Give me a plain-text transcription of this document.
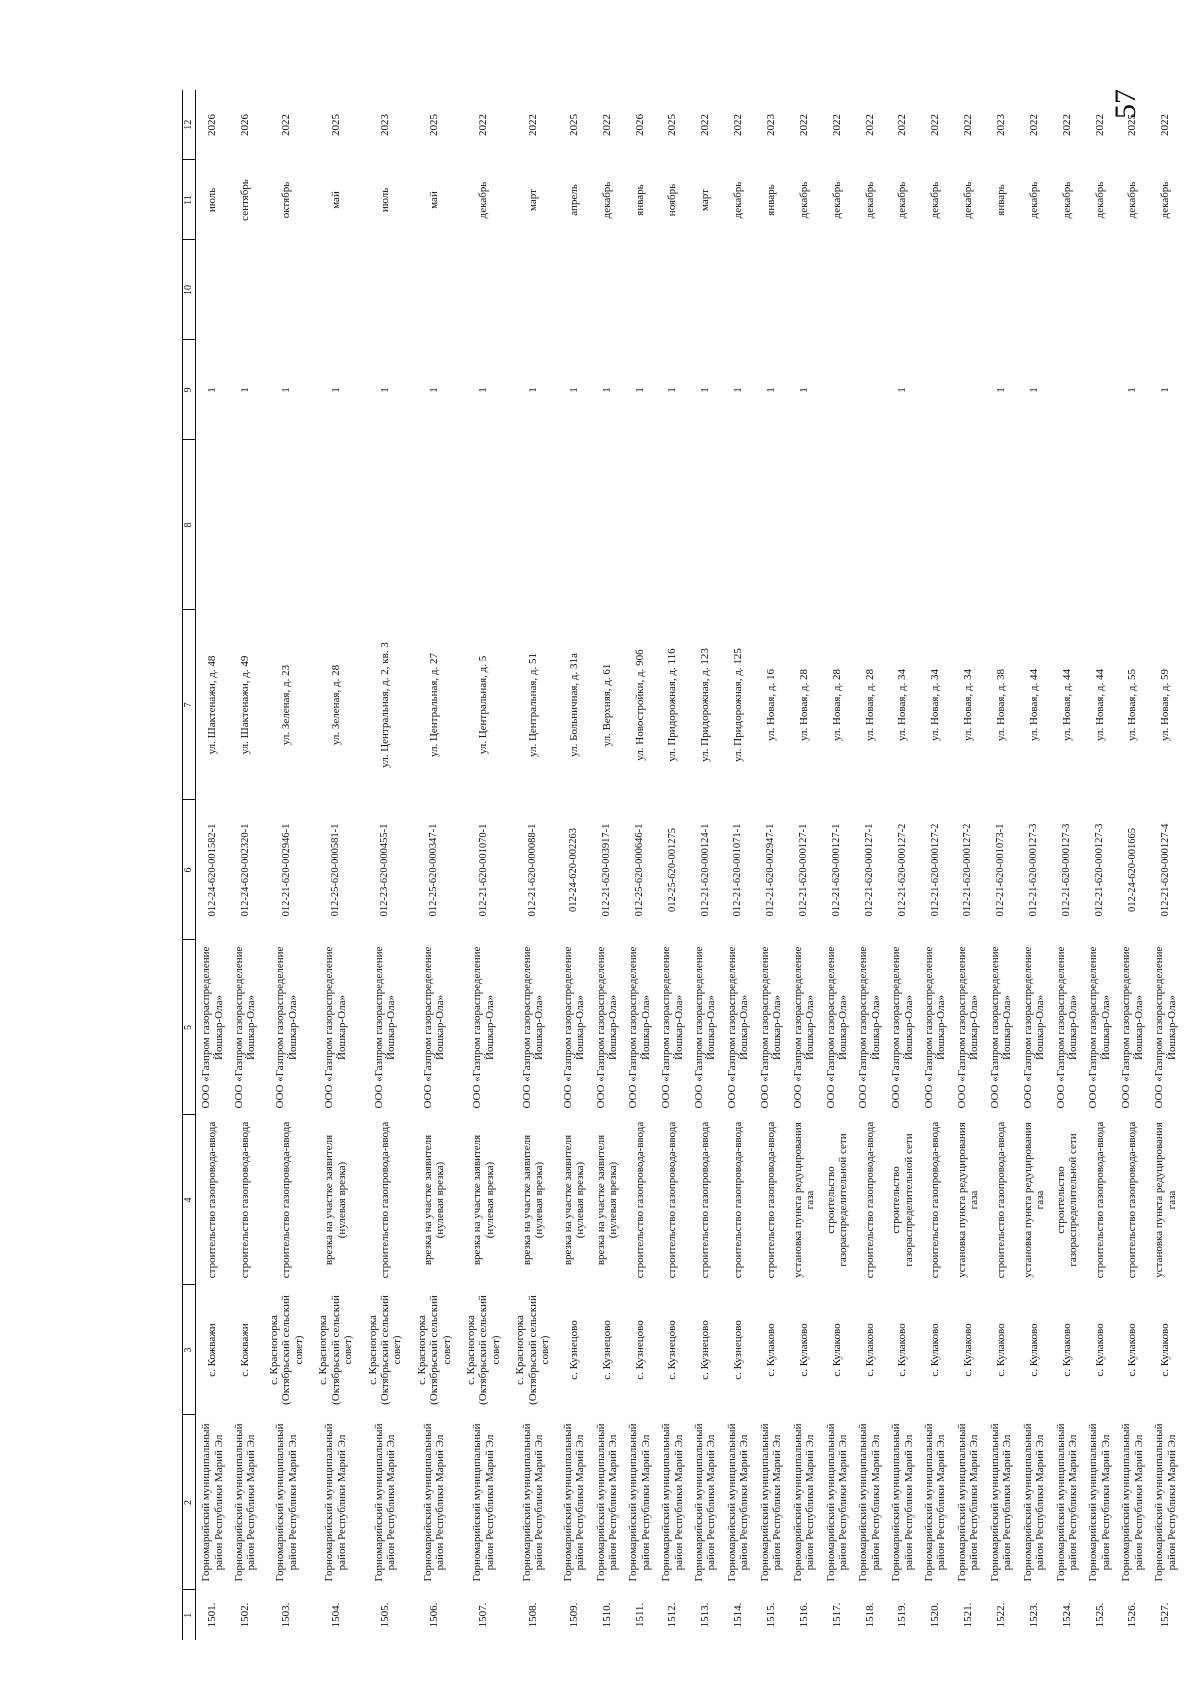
57
1	2	3	4	5	6	7	8	9	10	11	12
1501.	Горномарийский муниципальный район Республики Марий Эл	с. Кожважи	строительство газопровода-ввода	ООО «Газпром газораспределение Йошкар-Ола»	012-24-620-001582-1	ул. Шактенажи, д. 48		1		июль	2026
1502.	Горномарийский муниципальный район Республики Марий Эл	с. Кожважи	строительство газопровода-ввода	ООО «Газпром газораспределение Йошкар-Ола»	012-24-620-002320-1	ул. Шактенажи, д. 49		1		сентябрь	2026
1503.	Горномарийский муниципальный район Республики Марий Эл	с. Красногорка (Октябрьский сельский совет)	строительство газопровода-ввода	ООО «Газпром газораспределение Йошкар-Ола»	012-21-620-002946-1	ул. Зеленая, д. 23		1		октябрь	2022
1504.	Горномарийский муниципальный район Республики Марий Эл	с. Красногорка (Октябрьский сельский совет)	врезка на участке заявителя (нулевая врезка)	ООО «Газпром газораспределение Йошкар-Ола»	012-25-620-000581-1	ул. Зеленая, д. 28		1		май	2025
1505.	Горномарийский муниципальный район Республики Марий Эл	с. Красногорка (Октябрьский сельский совет)	строительство газопровода-ввода	ООО «Газпром газораспределение Йошкар-Ола»	012-23-620-000455-1	ул. Центральная, д. 2, кв. 3		1		июль	2023
1506.	Горномарийский муниципальный район Республики Марий Эл	с. Красногорка (Октябрьский сельский совет)	врезка на участке заявителя (нулевая врезка)	ООО «Газпром газораспределение Йошкар-Ола»	012-25-620-000347-1	ул. Центральная, д. 27		1		май	2025
1507.	Горномарийский муниципальный район Республики Марий Эл	с. Красногорка (Октябрьский сельский совет)	врезка на участке заявителя (нулевая врезка)	ООО «Газпром газораспределение Йошкар-Ола»	012-21-620-001070-1	ул. Центральная, д. 5		1		декабрь	2022
1508.	Горномарийский муниципальный район Республики Марий Эл	с. Красногорка (Октябрьский сельский совет)	врезка на участке заявителя (нулевая врезка)	ООО «Газпром газораспределение Йошкар-Ола»	012-21-620-000088-1	ул. Центральная, д. 51		1		март	2022
1509.	Горномарийский муниципальный район Республики Марий Эл	с. Кузнецово	врезка на участке заявителя (нулевая врезка)	ООО «Газпром газораспределение Йошкар-Ола»	012-24-620-002263	ул. Больничная, д. 31а		1		апрель	2025
1510.	Горномарийский муниципальный район Республики Марий Эл	с. Кузнецово	врезка на участке заявителя (нулевая врезка)	ООО «Газпром газораспределение Йошкар-Ола»	012-21-620-003917-1	ул. Верхняя, д. 61		1		декабрь	2022
1511.	Горномарийский муниципальный район Республики Марий Эл	с. Кузнецово	строительство газопровода-ввода	ООО «Газпром газораспределение Йошкар-Ола»	012-25-620-000646-1	ул. Новостройки, д. 90б		1		январь	2026
1512.	Горномарийский муниципальный район Республики Марий Эл	с. Кузнецово	строительство газопровода-ввода	ООО «Газпром газораспределение Йошкар-Ола»	012-25-620-001275	ул. Придорожная, д. 116		1		ноябрь	2025
1513.	Горномарийский муниципальный район Республики Марий Эл	с. Кузнецово	строительство газопровода-ввода	ООО «Газпром газораспределение Йошкар-Ола»	012-21-620-000124-1	ул. Придорожная, д. 123		1		март	2022
1514.	Горномарийский муниципальный район Республики Марий Эл	с. Кузнецово	строительство газопровода-ввода	ООО «Газпром газораспределение Йошкар-Ола»	012-21-620-001071-1	ул. Придорожная, д. 125		1		декабрь	2022
1515.	Горномарийский муниципальный район Республики Марий Эл	с. Кулаково	строительство газопровода-ввода	ООО «Газпром газораспределение Йошкар-Ола»	012-21-620-002947-1	ул. Новая, д. 16		1		январь	2023
1516.	Горномарийский муниципальный район Республики Марий Эл	с. Кулаково	установка пункта редуцирования газа	ООО «Газпром газораспределение Йошкар-Ола»	012-21-620-000127-1	ул. Новая, д. 28		1		декабрь	2022
1517.	Горномарийский муниципальный район Республики Марий Эл	с. Кулаково	строительство газораспределительной сети	ООО «Газпром газораспределение Йошкар-Ола»	012-21-620-000127-1	ул. Новая, д. 28				декабрь	2022
1518.	Горномарийский муниципальный район Республики Марий Эл	с. Кулаково	строительство газопровода-ввода	ООО «Газпром газораспределение Йошкар-Ола»	012-21-620-000127-1	ул. Новая, д. 28				декабрь	2022
1519.	Горномарийский муниципальный район Республики Марий Эл	с. Кулаково	строительство газораспределительной сети	ООО «Газпром газораспределение Йошкар-Ола»	012-21-620-000127-2	ул. Новая, д. 34		1		декабрь	2022
1520.	Горномарийский муниципальный район Республики Марий Эл	с. Кулаково	строительство газопровода-ввода	ООО «Газпром газораспределение Йошкар-Ола»	012-21-620-000127-2	ул. Новая, д. 34				декабрь	2022
1521.	Горномарийский муниципальный район Республики Марий Эл	с. Кулаково	установка пункта редуцирования газа	ООО «Газпром газораспределение Йошкар-Ола»	012-21-620-000127-2	ул. Новая, д. 34				декабрь	2022
1522.	Горномарийский муниципальный район Республики Марий Эл	с. Кулаково	строительство газопровода-ввода	ООО «Газпром газораспределение Йошкар-Ола»	012-21-620-001073-1	ул. Новая, д. 38		1		январь	2023
1523.	Горномарийский муниципальный район Республики Марий Эл	с. Кулаково	установка пункта редуцирования газа	ООО «Газпром газораспределение Йошкар-Ола»	012-21-620-000127-3	ул. Новая, д. 44		1		декабрь	2022
1524.	Горномарийский муниципальный район Республики Марий Эл	с. Кулаково	строительство газораспределительной сети	ООО «Газпром газораспределение Йошкар-Ола»	012-21-620-000127-3	ул. Новая, д. 44				декабрь	2022
1525.	Горномарийский муниципальный район Республики Марий Эл	с. Кулаково	строительство газопровода-ввода	ООО «Газпром газораспределение Йошкар-Ола»	012-21-620-000127-3	ул. Новая, д. 44				декабрь	2022
1526.	Горномарийский муниципальный район Республики Марий Эл	с. Кулаково	строительство газопровода-ввода	ООО «Газпром газораспределение Йошкар-Ола»	012-24-620-001665	ул. Новая, д. 55		1		декабрь	2025
1527.	Горномарийский муниципальный район Республики Марий Эл	с. Кулаково	установка пункта редуцирования газа	ООО «Газпром газораспределение Йошкар-Ола»	012-21-620-000127-4	ул. Новая, д. 59		1		декабрь	2022
